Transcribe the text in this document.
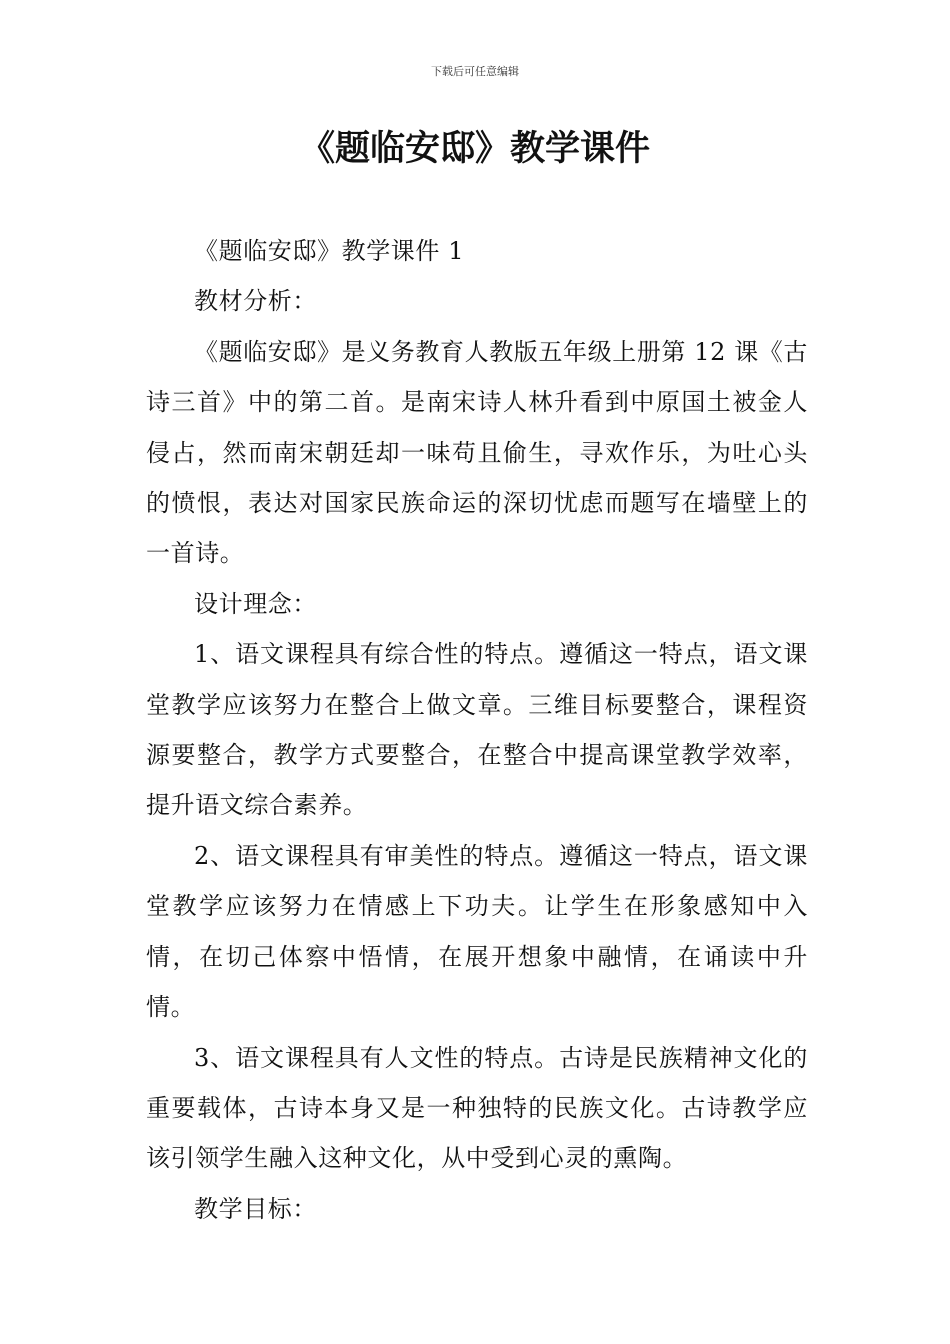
下载后可任意编辑
《题临安邸》教学课件

《题临安邸》教学课件 1

教材分析：

《题临安邸》是义务教育人教版五年级上册第 12 课《古诗三首》中的第二首。是南宋诗人林升看到中原国土被金人侵占，然而南宋朝廷却一味苟且偷生，寻欢作乐，为吐心头的愤恨，表达对国家民族命运的深切忧虑而题写在墙壁上的一首诗。

设计理念：

1、语文课程具有综合性的特点。遵循这一特点，语文课堂教学应该努力在整合上做文章。三维目标要整合，课程资源要整合，教学方式要整合，在整合中提高课堂教学效率，提升语文综合素养。

2、语文课程具有审美性的特点。遵循这一特点，语文课堂教学应该努力在情感上下功夫。让学生在形象感知中入情，在切己体察中悟情，在展开想象中融情，在诵读中升情。

3、语文课程具有人文性的特点。古诗是民族精神文化的重要载体，古诗本身又是一种独特的民族文化。古诗教学应该引领学生融入这种文化，从中受到心灵的熏陶。

教学目标：
